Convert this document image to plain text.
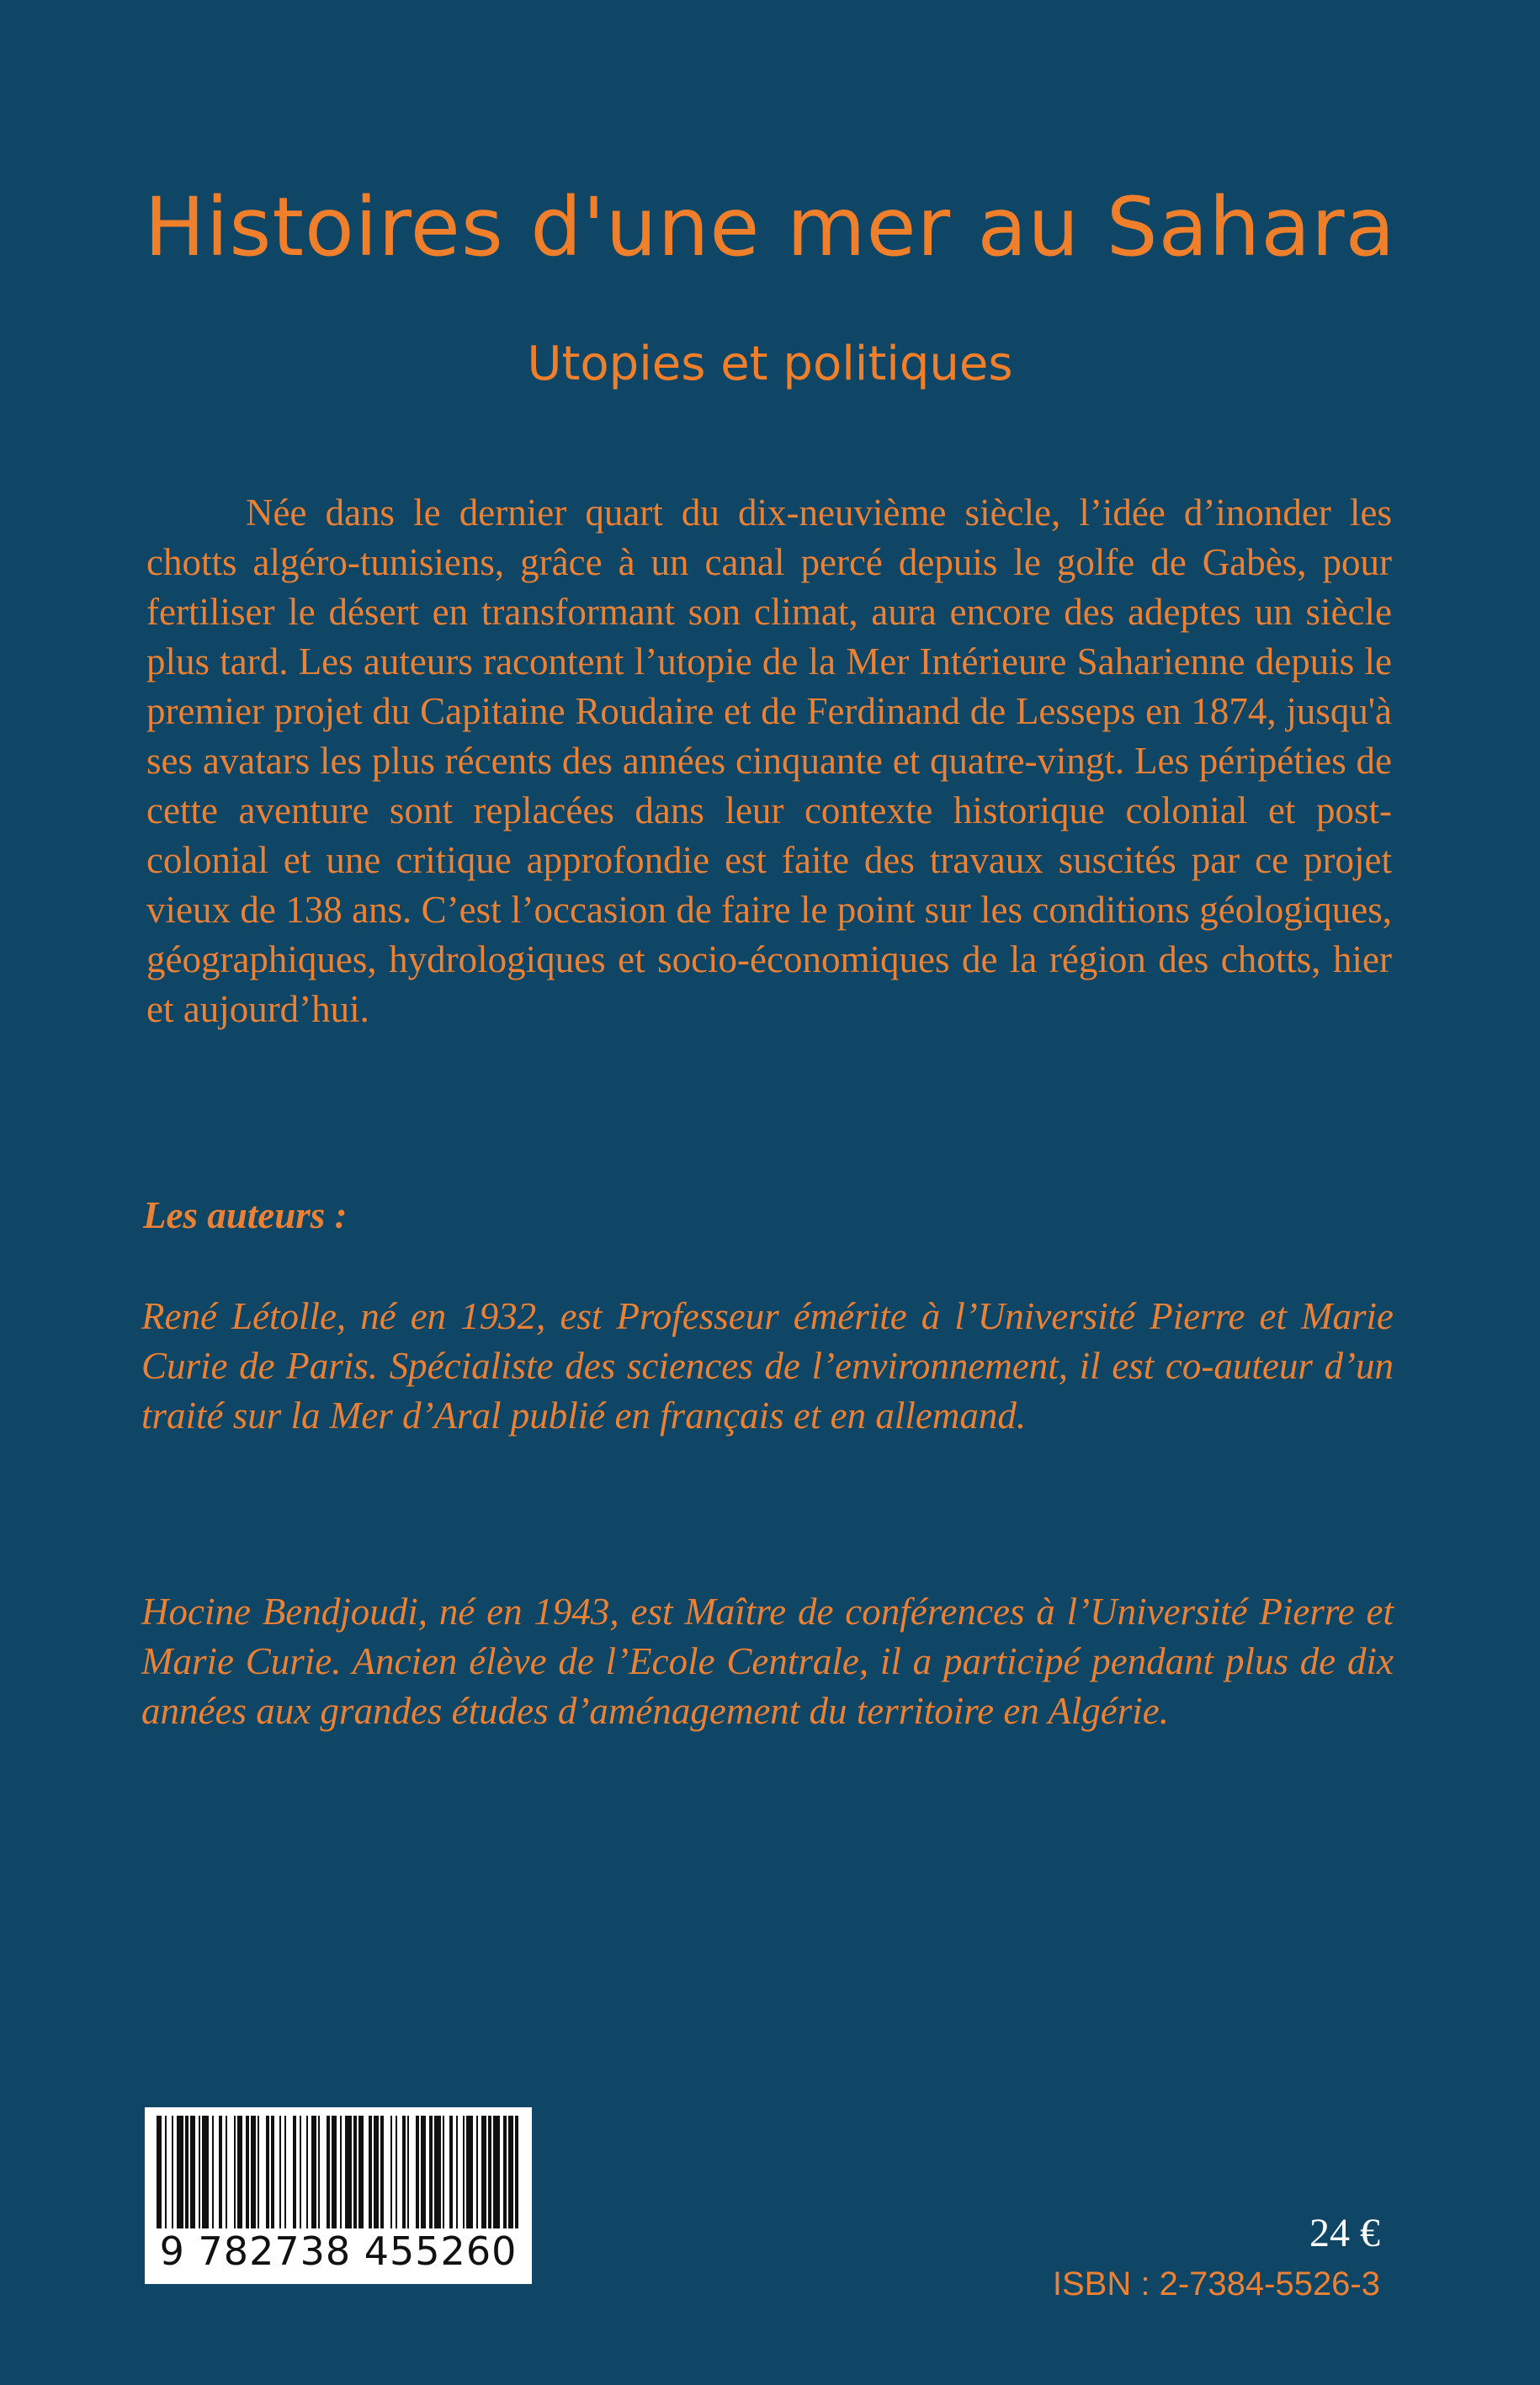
Histoires d'une mer au Sahara
Utopies et politiques

Née dans le dernier quart du dix-neuvième siècle, l’idée d’inonder les chotts algéro-tunisiens, grâce à un canal percé depuis le golfe de Gabès, pour fertiliser le désert en transformant son climat, aura encore des adeptes un siècle plus tard. Les auteurs racontent l’utopie de la Mer Intérieure Saharienne depuis le premier projet du Capitaine Roudaire et de Ferdinand de Lesseps en 1874, jusqu'à ses avatars les plus récents des années cinquante et quatre-vingt. Les péripéties de cette aventure sont replacées dans leur contexte historique colonial et post-colonial et une critique approfondie est faite des travaux suscités par ce projet vieux de 138 ans. C’est l’occasion de faire le point sur les conditions géologiques, géographiques, hydrologiques et socio-économiques de la région des chotts, hier et aujourd’hui.

Les auteurs :

René Létolle, né en 1932, est Professeur émérite à l’Université Pierre et Marie Curie de Paris. Spécialiste des sciences de l’environnement, il est co-auteur d’un traité sur la Mer d’Aral publié en français et en allemand.

Hocine Bendjoudi, né en 1943, est Maître de conférences à l’Université Pierre et Marie Curie. Ancien élève de l’Ecole Centrale, il a participé pendant plus de dix années aux grandes études d’aménagement du territoire en Algérie.

9 782738 455260	24 €
ISBN : 2-7384-5526-3
